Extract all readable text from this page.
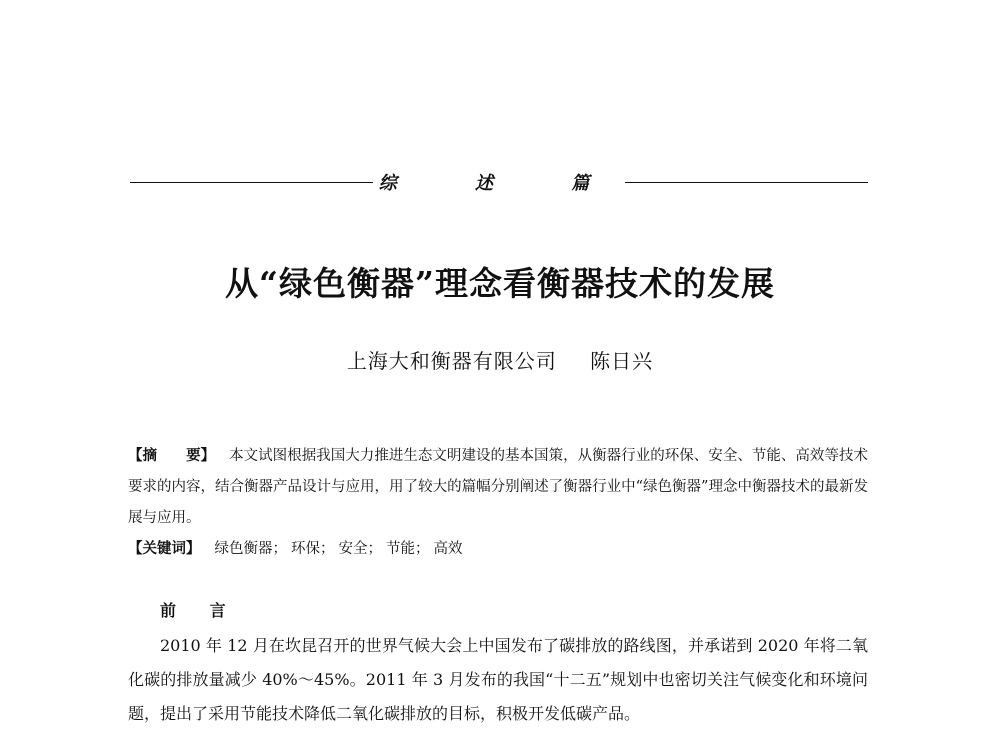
综 述 篇
从“绿色衡器”理念看衡器技术的发展
上海大和衡器有限公司 陈日兴

【摘　　要】 本文试图根据我国大力推进生态文明建设的基本国策，从衡器行业的环保、安全、节能、高效等技术要求的内容，结合衡器产品设计与应用，用了较大的篇幅分别阐述了衡器行业中“绿色衡器”理念中衡器技术的最新发展与应用。

【关键词】 绿色衡器； 环保； 安全； 节能； 高效

前 言

2010 年 12 月在坎昆召开的世界气候大会上中国发布了碳排放的路线图，并承诺到 2020 年将二氧化碳的排放量减少 40%～45%。2011 年 3 月发布的我国“十二五”规划中也密切关注气候变化和环境问题，提出了采用节能技术降低二氧化碳排放的目标，积极开发低碳产品。
